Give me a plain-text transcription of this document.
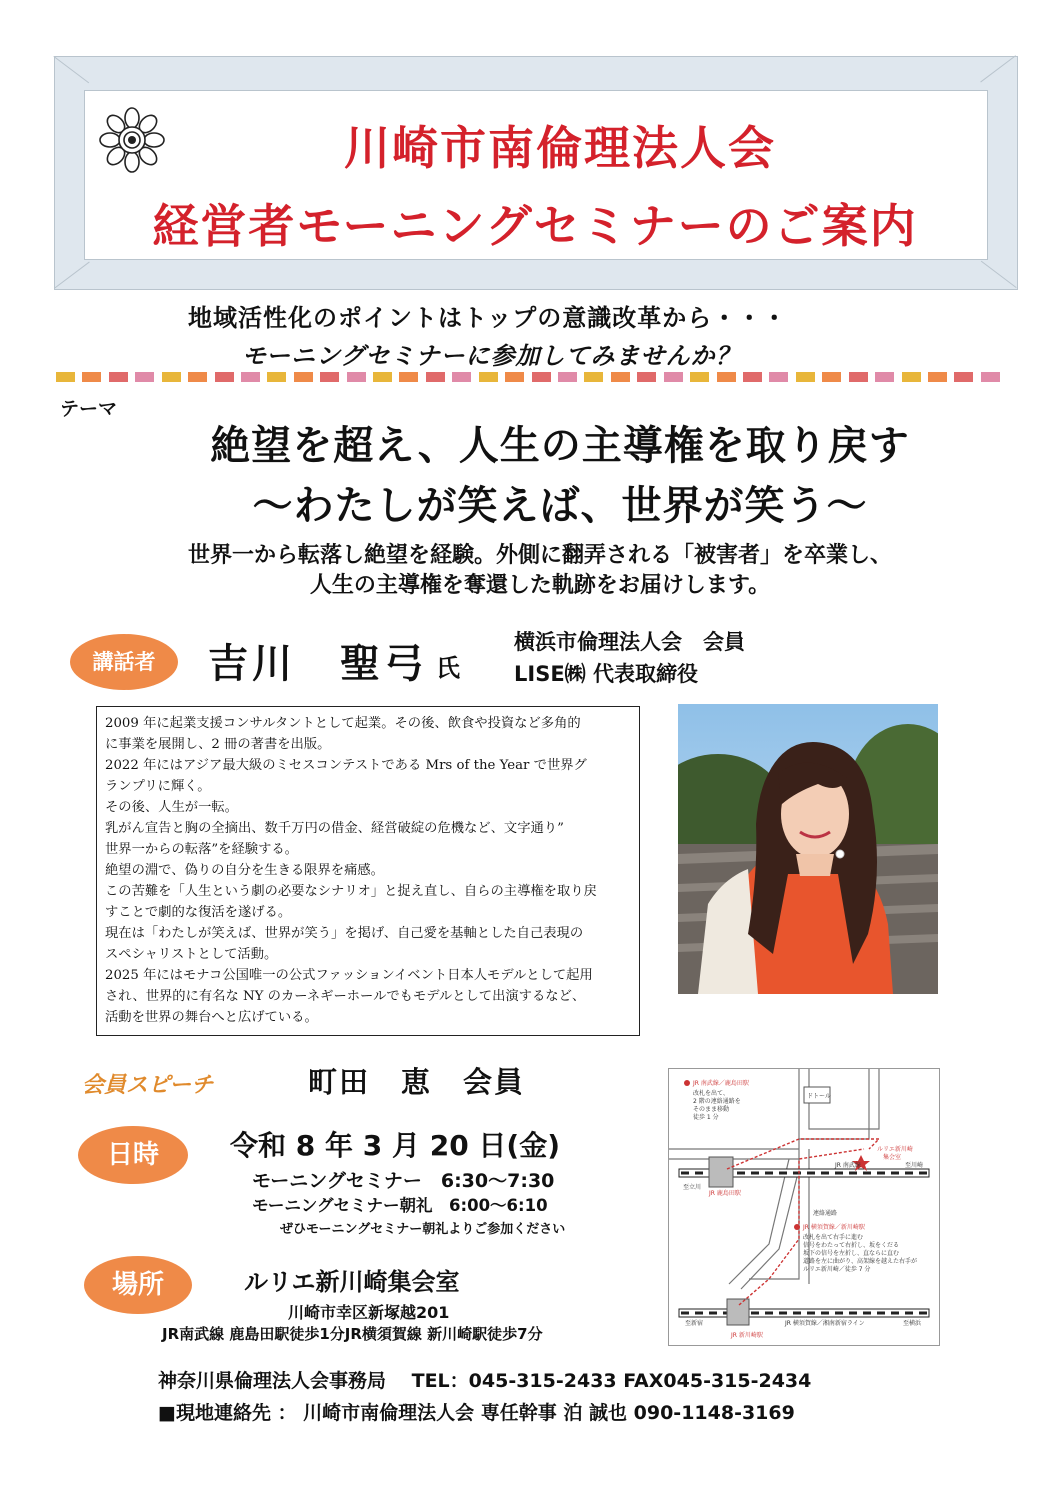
川崎市南倫理法人会
経営者モーニングセミナーのご案内
地域活性化のポイントはトップの意識改革から・・・
モーニングセミナーに参加してみませんか？
テーマ
絶望を超え、人生の主導権を取り戻す
～わたしが笑えば、世界が笑う～
世界一から転落し絶望を経験。外側に翻弄される「被害者」を卒業し、
人生の主導権を奪還した軌跡をお届けします。
講話者	吉川　聖弓 氏
横浜市倫理法人会　会員
LISE㈱ 代表取締役

2009 年に起業支援コンサルタントとして起業。その後、飲食や投資など多角的

に事業を展開し、2 冊の著書を出版。

2022 年にはアジア最大級のミセスコンテストである Mrs of the Year で世界グ

ランプリに輝く。

その後、人生が一転。

乳がん宣告と胸の全摘出、数千万円の借金、経営破綻の危機など、文字通り”

世界一からの転落”を経験する。

絶望の淵で、偽りの自分を生きる限界を痛感。

この苦難を「人生という劇の必要なシナリオ」と捉え直し、自らの主導権を取り戻

すことで劇的な復活を遂げる。

現在は「わたしが笑えば、世界が笑う」を掲げ、自己愛を基軸とした自己表現の

スペシャリストとして活動。

2025 年にはモナコ公国唯一の公式ファッションイベント日本人モデルとして起用

され、世界的に有名な NY のカーネギーホールでもモデルとして出演するなど、

活動を世界の舞台へと広げている。

会員スピーチ	町田　恵　会員
日時	令和 8 年 3 月 20 日(金)
モーニングセミナー　6:30～7:30
モーニングセミナー朝礼　6:00～6:10
ぜひモーニングセミナー朝礼よりご参加ください
場所	ルリエ新川崎集会室
川崎市幸区新塚越201
JR南武線 鹿島田駅徒歩1分JR横須賀線 新川崎駅徒歩7分
JR 南武線／鹿島田駅
改札を出て、
2 階の連絡通路を
そのまま移動
徒歩 1 分
ドトール
ルリエ新川崎
集会室
至立川
JR 南武線	至川崎
JR 鹿島田駅
連絡通路
JR 横須賀線／新川崎駅
改札を出て右手に進む
信号をわたって右折し、坂をくだる
坂下の信号を左折し、直ならに直む
道路を左に曲がり、高架線を越えた右手が
ルリエ新川崎／徒歩 7 分
至新宿	JR 横須賀線／湘南新宿ライン	至横浜
JR 新川崎駅
神奈川県倫理法人会事務局　 TEL：045-315-2433 FAX045-315-2434
■現地連絡先 ： 川崎市南倫理法人会 専任幹事 泊 誠也 090-1148-3169
